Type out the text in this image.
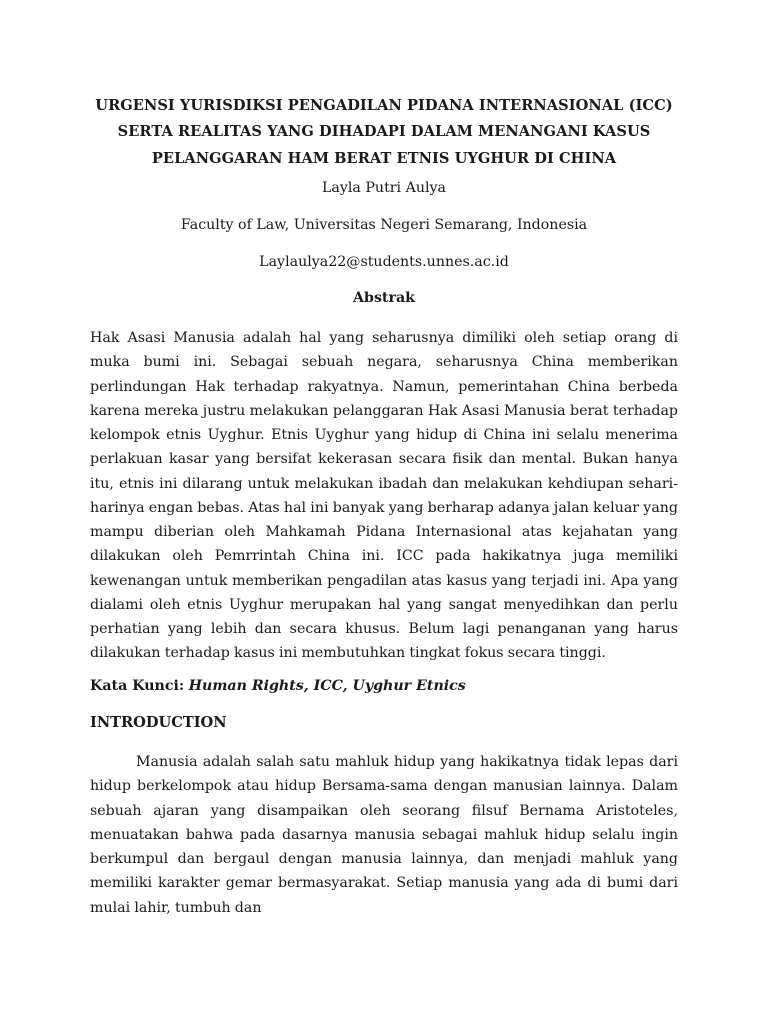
URGENSI YURISDIKSI PENGADILAN PIDANA INTERNASIONAL (ICC) SERTA REALITAS YANG DIHADAPI DALAM MENANGANI KASUS PELANGGARAN HAM BERAT ETNIS UYGHUR DI CHINA
Layla Putri Aulya
Faculty of Law, Universitas Negeri Semarang, Indonesia
Laylaulya22@students.unnes.ac.id
Abstrak

Hak Asasi Manusia adalah hal yang seharusnya dimiliki oleh setiap orang di muka bumi ini. Sebagai sebuah negara, seharusnya China memberikan perlindungan Hak terhadap rakyatnya. Namun, pemerintahan China berbeda karena mereka justru melakukan pelanggaran Hak Asasi Manusia berat terhadap kelompok etnis Uyghur. Etnis Uyghur yang hidup di China ini selalu menerima perlakuan kasar yang bersifat kekerasan secara fisik dan mental. Bukan hanya itu, etnis ini dilarang untuk melakukan ibadah dan melakukan kehdiupan sehari-harinya engan bebas. Atas hal ini banyak yang berharap adanya jalan keluar yang mampu diberian oleh Mahkamah Pidana Internasional atas kejahatan yang dilakukan oleh Pemrrintah China ini. ICC pada hakikatnya juga memiliki kewenangan untuk memberikan pengadilan atas kasus yang terjadi ini. Apa yang dialami oleh etnis Uyghur merupakan hal yang sangat menyedihkan dan perlu perhatian yang lebih dan secara khusus. Belum lagi penanganan yang harus dilakukan terhadap kasus ini membutuhkan tingkat fokus secara tinggi.

Kata Kunci: Human Rights, ICC, Uyghur Etnics
INTRODUCTION

Manusia adalah salah satu mahluk hidup yang hakikatnya tidak lepas dari hidup berkelompok atau hidup Bersama-sama dengan manusian lainnya. Dalam sebuah ajaran yang disampaikan oleh seorang filsuf Bernama Aristoteles, menuatakan bahwa pada dasarnya manusia sebagai mahluk hidup selalu ingin berkumpul dan bergaul dengan manusia lainnya, dan menjadi mahluk yang memiliki karakter gemar bermasyarakat. Setiap manusia yang ada di bumi dari mulai lahir, tumbuh dan
